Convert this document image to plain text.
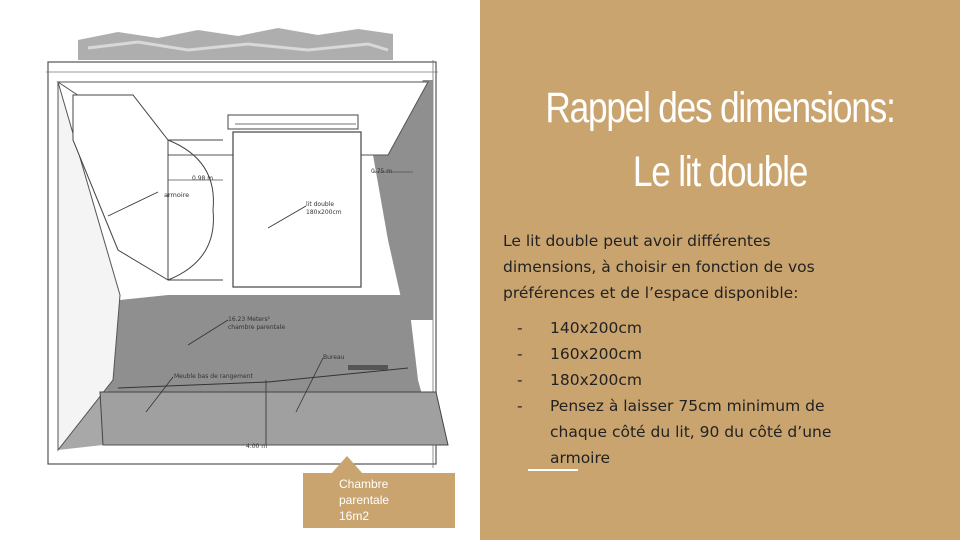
0.98 m
armoire
lit double
180x200cm
0.75 m
16.23 Meters²
chambre parentale
Bureau
Meuble bas de rangement
4.00 m
Chambre
parentale
16m2
Rappel des dimensions:
Le lit double
Le lit double peut avoir différentes dimensions, à choisir en fonction de vos préférences et de l’espace disponible:
- 140x200cm
- 160x200cm
- 180x200cm
- Pensez à laisser 75cm minimum de chaque côté du lit, 90 du côté d’une armoire
